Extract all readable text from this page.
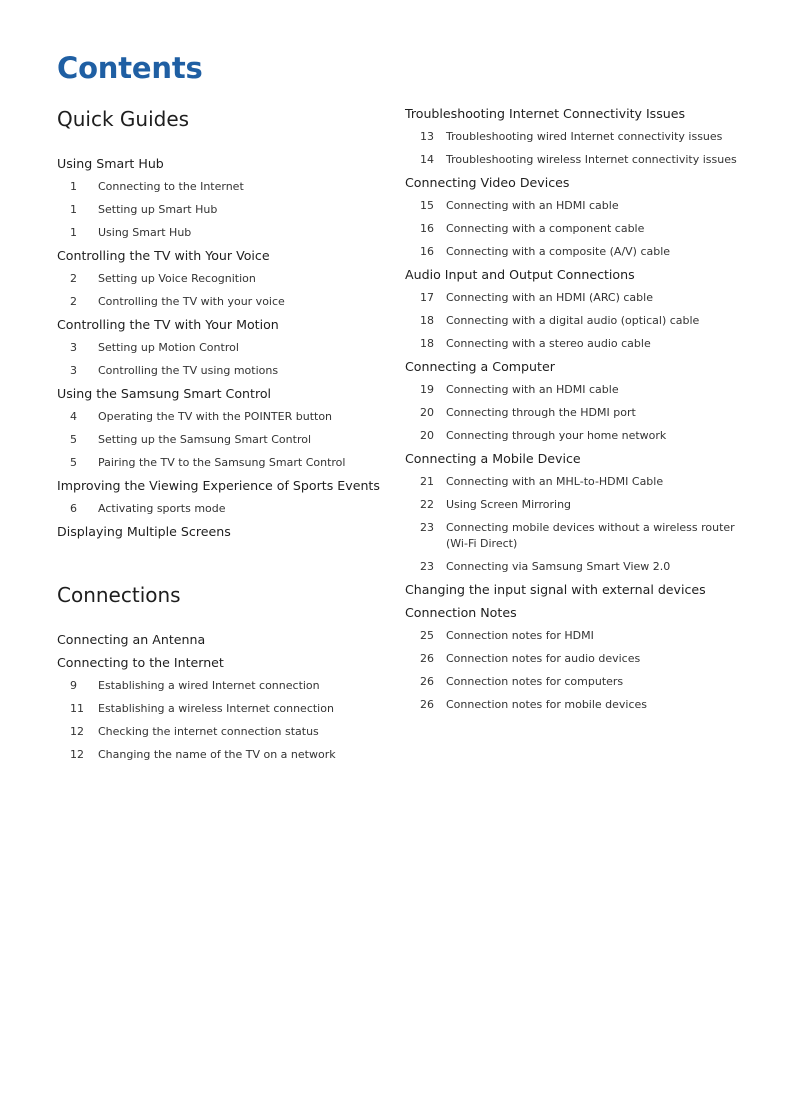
Contents
Quick Guides
Using Smart Hub
1	Connecting to the Internet
1	Setting up Smart Hub
1	Using Smart Hub
Controlling the TV with Your Voice
2	Setting up Voice Recognition
2	Controlling the TV with your voice
Controlling the TV with Your Motion
3	Setting up Motion Control
3	Controlling the TV using motions
Using the Samsung Smart Control
4	Operating the TV with the POINTER button
5	Setting up the Samsung Smart Control
5	Pairing the TV to the Samsung Smart Control
Improving the Viewing Experience of Sports Events
6	Activating sports mode
Displaying Multiple Screens
Connections
Connecting an Antenna
Connecting to the Internet
9	Establishing a wired Internet connection
11	Establishing a wireless Internet connection
12	Checking the internet connection status
12	Changing the name of the TV on a network
Troubleshooting Internet Connectivity Issues
13	Troubleshooting wired Internet connectivity issues
14	Troubleshooting wireless Internet connectivity issues
Connecting Video Devices
15	Connecting with an HDMI cable
16	Connecting with a component cable
16	Connecting with a composite (A/V) cable
Audio Input and Output Connections
17	Connecting with an HDMI (ARC) cable
18	Connecting with a digital audio (optical) cable
18	Connecting with a stereo audio cable
Connecting a Computer
19	Connecting with an HDMI cable
20	Connecting through the HDMI port
20	Connecting through your home network
Connecting a Mobile Device
21	Connecting with an MHL-to-HDMI Cable
22	Using Screen Mirroring
23	Connecting mobile devices without a wireless router (Wi-Fi Direct)
23	Connecting via Samsung Smart View 2.0
Changing the input signal with external devices
Connection Notes
25	Connection notes for HDMI
26	Connection notes for audio devices
26	Connection notes for computers
26	Connection notes for mobile devices
